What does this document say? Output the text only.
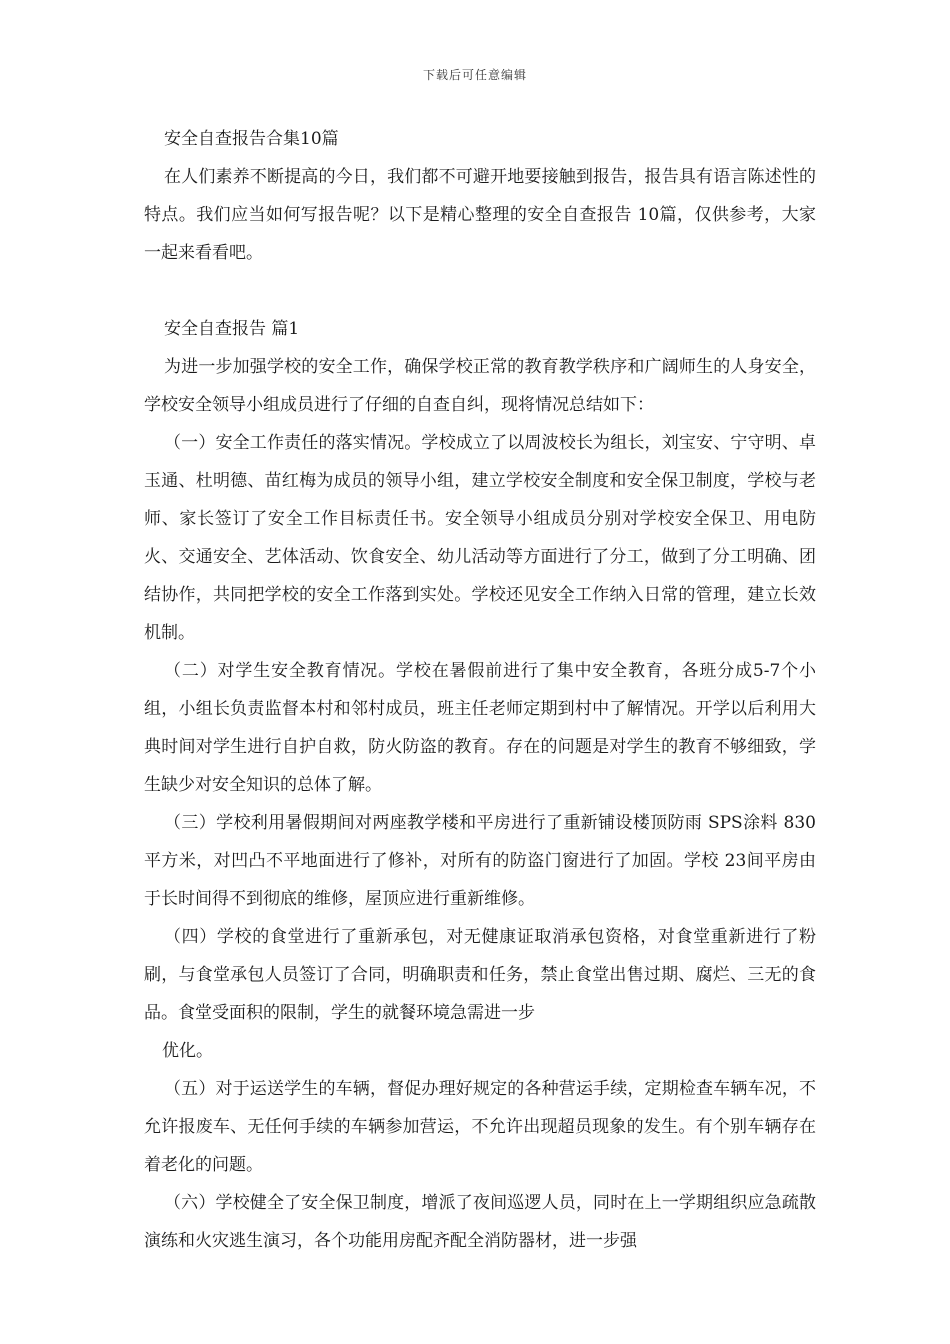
下载后可任意编辑

安全自查报告合集10篇

在人们素养不断提高的今日，我们都不可避开地要接触到报告，报告具有语言陈述性的特点。我们应当如何写报告呢？以下是精心整理的安全自查报告 10篇，仅供参考，大家一起来看看吧。

安全自查报告 篇1

为进一步加强学校的安全工作，确保学校正常的教育教学秩序和广阔师生的人身安全，学校安全领导小组成员进行了仔细的自查自纠，现将情况总结如下：

（一）安全工作责任的落实情况。学校成立了以周波校长为组长，刘宝安、宁守明、卓玉通、杜明德、苗红梅为成员的领导小组，建立学校安全制度和安全保卫制度，学校与老师、家长签订了安全工作目标责任书。安全领导小组成员分别对学校安全保卫、用电防火、交通安全、艺体活动、饮食安全、幼儿活动等方面进行了分工，做到了分工明确、团结协作，共同把学校的安全工作落到实处。学校还见安全工作纳入日常的管理，建立长效机制。

（二）对学生安全教育情况。学校在暑假前进行了集中安全教育，各班分成5-7个小组，小组长负责监督本村和邻村成员，班主任老师定期到村中了解情况。开学以后利用大典时间对学生进行自护自救，防火防盗的教育。存在的问题是对学生的教育不够细致，学生缺少对安全知识的总体了解。

（三）学校利用暑假期间对两座教学楼和平房进行了重新铺设楼顶防雨 SPS涂料 830平方米，对凹凸不平地面进行了修补，对所有的防盗门窗进行了加固。学校 23间平房由于长时间得不到彻底的维修，屋顶应进行重新维修。

（四）学校的食堂进行了重新承包，对无健康证取消承包资格，对食堂重新进行了粉刷，与食堂承包人员签订了合同，明确职责和任务，禁止食堂出售过期、腐烂、三无的食品。食堂受面积的限制，学生的就餐环境急需进一步

优化。

（五）对于运送学生的车辆，督促办理好规定的各种营运手续，定期检查车辆车况，不允许报废车、无任何手续的车辆参加营运，不允许出现超员现象的发生。有个别车辆存在着老化的问题。

（六）学校健全了安全保卫制度，增派了夜间巡逻人员，同时在上一学期组织应急疏散演练和火灾逃生演习，各个功能用房配齐配全消防器材，进一步强
